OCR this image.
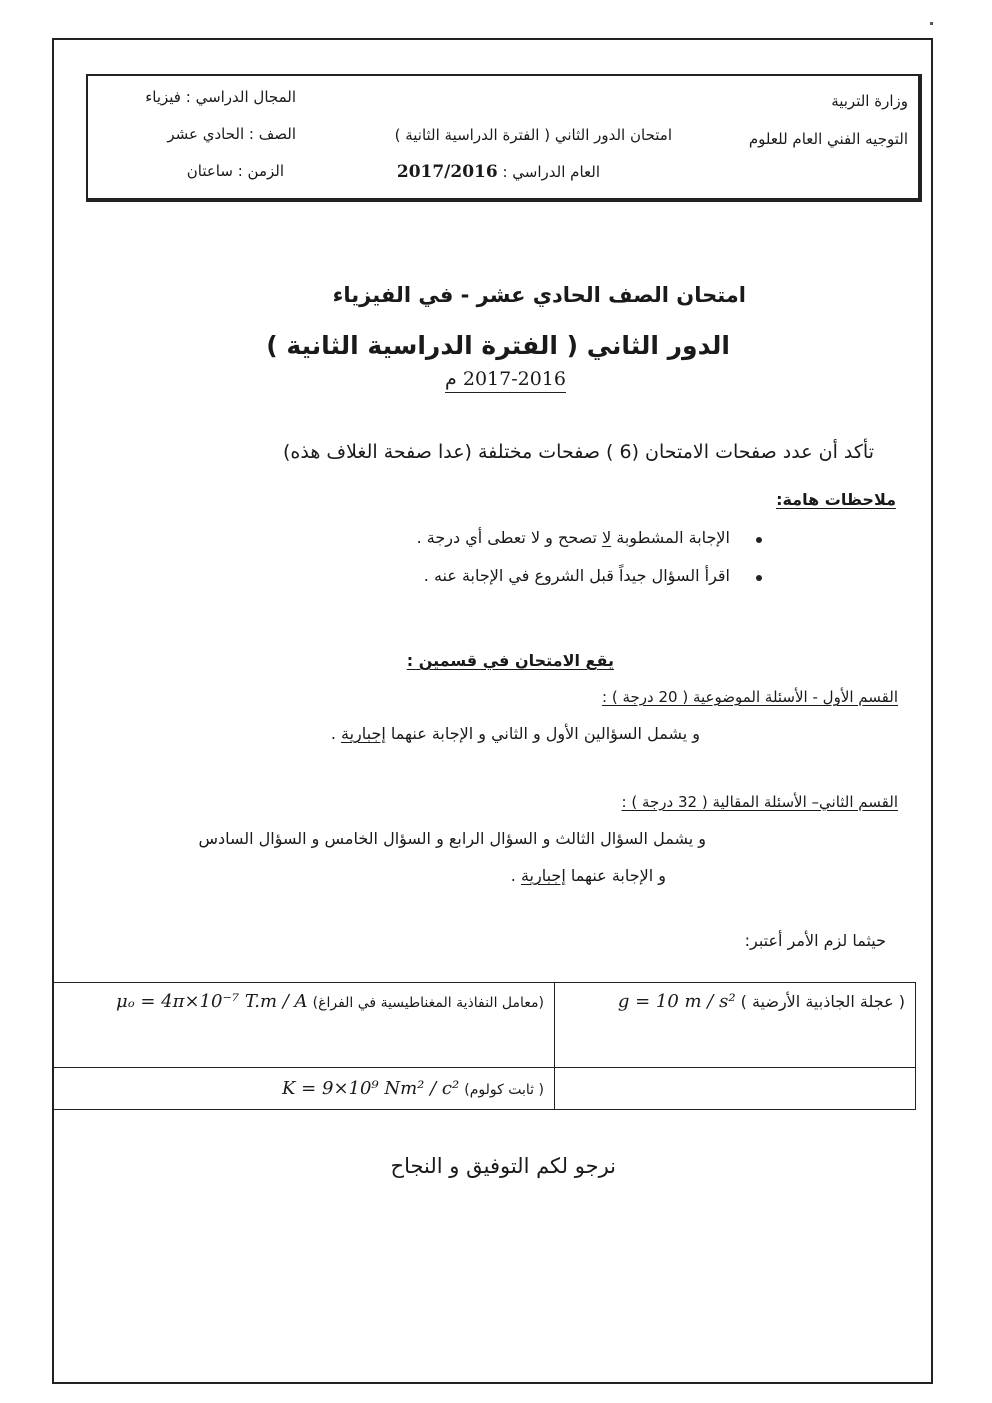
وزارة التربية
التوجيه الفني العام للعلوم
امتحان الدور الثاني ( الفترة الدراسية الثانية )
العام الدراسي : 2017/2016
المجال الدراسي : فيزياء
الصف : الحادي عشر
الزمن : ساعتان
امتحان الصف الحادي عشر - في الفيزياء
الدور الثاني ( الفترة الدراسية الثانية )
2017-2016 م
تأكد أن عدد صفحات الامتحان (6 ) صفحات مختلفة (عدا صفحة الغلاف هذه)
ملاحظات هامة:
الإجابة المشطوبة لا تصحح و لا تعطى أي درجة .
اقرأ السؤال جيداً قبل الشروع في الإجابة عنه .
يقع الامتحان في قسمين :
القسم الأول - الأسئلة الموضوعية ( 20 درجة ) :
و يشمل السؤالين الأول و الثاني و الإجابة عنهما إجبارية .
القسم الثاني– الأسئلة المقالية ( 32 درجة ) :
و يشمل السؤال الثالث و السؤال الرابع و السؤال الخامس و السؤال السادس
و الإجابة عنهما إجبارية .
حيثما لزم الأمر أعتبر:
(معامل النفاذية المغناطيسية في الفراغ) μₒ = 4π×10⁻⁷ T.m / A	( عجلة الجاذبية الأرضية ) g = 10 m / s²

( ثابت كولوم) K = 9×10⁹ Nm² / c²	

نرجو لكم التوفيق و النجاح
